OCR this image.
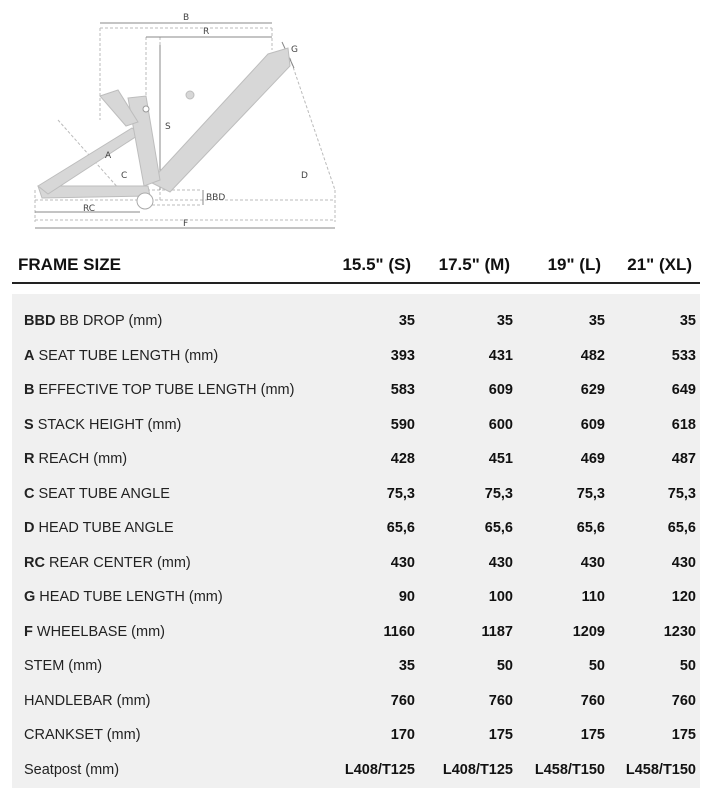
B
R
G
S
A
C	D
RC
F
BBD
FRAME SIZE	15.5" (S) 17.5" (M) 19" (L) 21" (XL)
BBD BB DROP (mm)	35	35	35	35
A SEAT TUBE LENGTH (mm)	393	431	482	533
B EFFECTIVE TOP TUBE LENGTH (mm)	583	609	629	649
S STACK HEIGHT (mm)	590	600	609	618
R REACH (mm)	428	451	469	487
C SEAT TUBE ANGLE	75,3	75,3	75,3	75,3
D HEAD TUBE ANGLE	65,6	65,6	65,6	65,6
RC REAR CENTER (mm)	430	430	430	430
G HEAD TUBE LENGTH (mm)	90	100	110	120
F WHEELBASE (mm)	1160	1187	1209	1230
STEM (mm)	35	50	50	50
HANDLEBAR (mm)	760	760	760	760
CRANKSET (mm)	170	175	175	175
Seatpost (mm)	L408/T125 L408/T125 L458/T150 L458/T150
